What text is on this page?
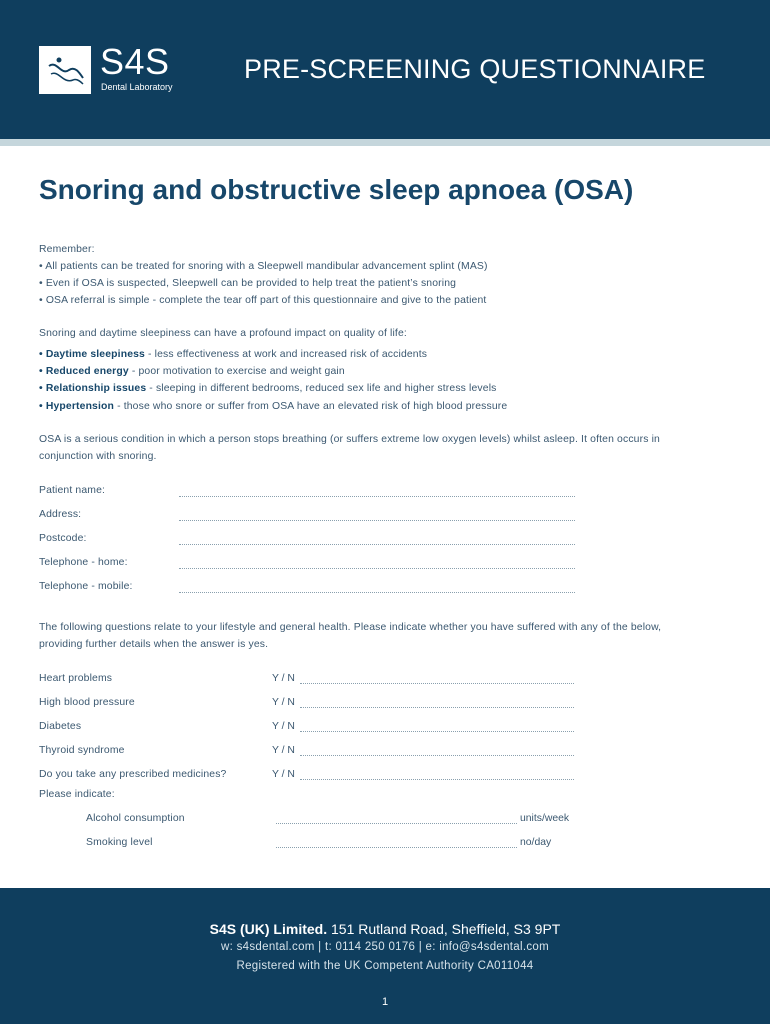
S4S
Dental Laboratory
PRE-SCREENING QUESTIONNAIRE
Snoring and obstructive sleep apnoea (OSA)
Remember:
• All patients can be treated for snoring with a Sleepwell mandibular advancement splint (MAS)
• Even if OSA is suspected, Sleepwell can be provided to help treat the patient’s snoring
• OSA referral is simple - complete the tear off part of this questionnaire and give to the patient
Snoring and daytime sleepiness can have a profound impact on quality of life:
• Daytime sleepiness - less effectiveness at work and increased risk of accidents
• Reduced energy - poor motivation to exercise and weight gain
• Relationship issues - sleeping in different bedrooms, reduced sex life and higher stress levels
• Hypertension - those who snore or suffer from OSA have an elevated risk of high blood pressure
OSA is a serious condition in which a person stops breathing (or suffers extreme low oxygen levels) whilst asleep. It often occurs in
conjunction with snoring.
Patient name:
Address:
Postcode:
Telephone - home:
Telephone - mobile:
The following questions relate to your lifestyle and general health. Please indicate whether you have suffered with any of the below,
providing further details when the answer is yes.
Heart problems	Y / N
High blood pressure	Y / N
Diabetes	Y / N
Thyroid syndrome	Y / N
Do you take any prescribed medicines?	Y / N
Please indicate:
Alcohol consumption	units/week
Smoking level	no/day
S4S (UK) Limited. 151 Rutland Road, Sheffield, S3 9PT
w: s4sdental.com | t: 0114 250 0176 | e: info@s4sdental.com
Registered with the UK Competent Authority CA011044
1
